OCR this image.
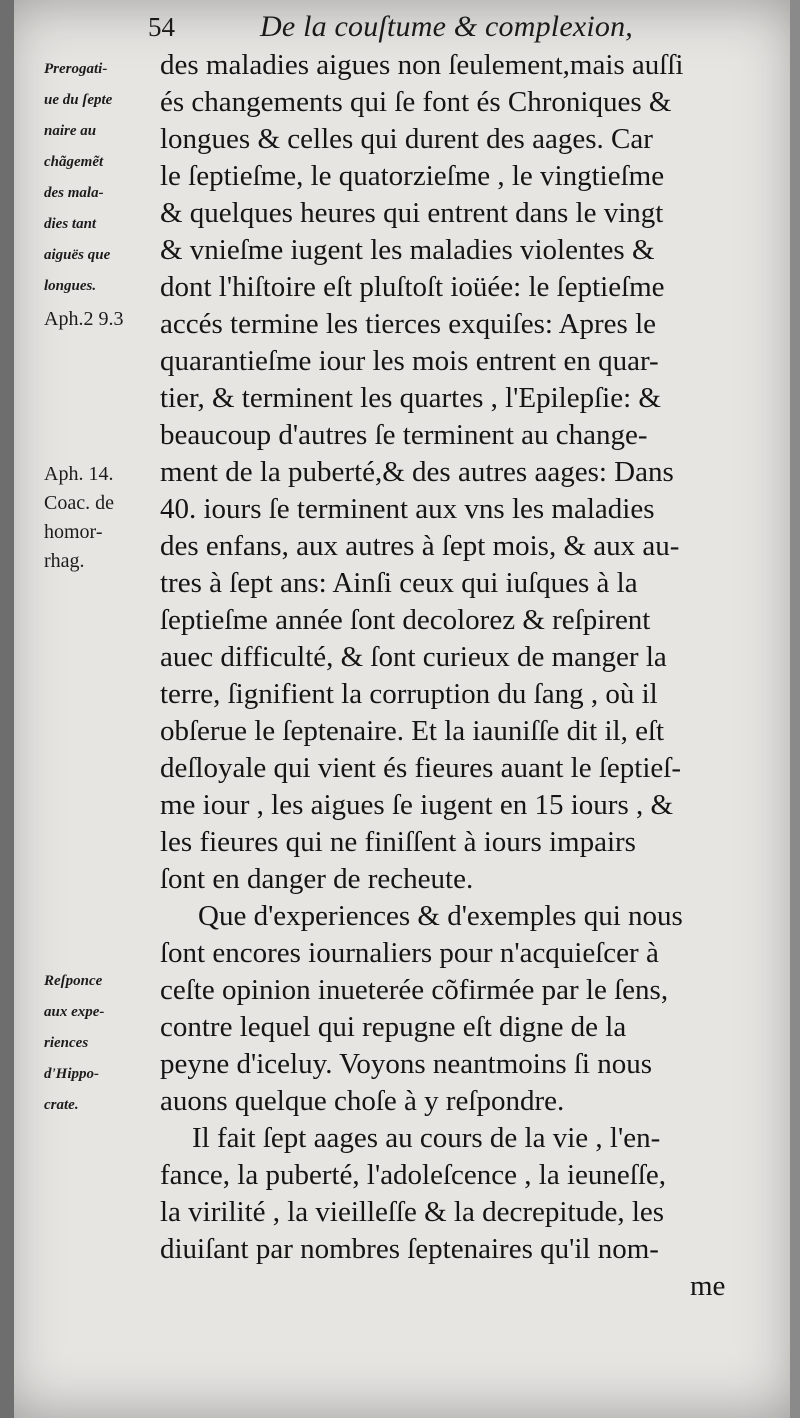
54	De la couſtume & complexion,
des maladies aigues non ſeulement,mais auſſi
és changements qui ſe font és Chroniques &
longues & celles qui durent des aages. Car
le ſeptieſme, le quatorzieſme , le vingtieſme
& quelques heures qui entrent dans le vingt
& vnieſme iugent les maladies violentes &
dont l'hiſtoire eſt pluſtoſt ioüée: le ſeptieſme
accés termine les tierces exquiſes: Apres le
quarantieſme iour les mois entrent en quar-
tier, & terminent les quartes , l'Epilepſie: &
beaucoup d'autres ſe terminent au change-
ment de la puberté,& des autres aages: Dans
40. iours ſe terminent aux vns les maladies
des enfans, aux autres à ſept mois, & aux au-
tres à ſept ans: Ainſi ceux qui iuſques à la
ſeptieſme année ſont decolorez & reſpirent
auec difficulté, & ſont curieux de manger la
terre, ſignifient la corruption du ſang , où il
obſerue le ſeptenaire. Et la iauniſſe dit il, eſt
deſloyale qui vient és fieures auant le ſeptieſ-
me iour , les aigues ſe iugent en 15 iours , &
les fieures qui ne finiſſent à iours impairs
ſont en danger de recheute.
Que d'experiences & d'exemples qui nous
ſont encores iournaliers pour n'acquieſcer à
ceſte opinion inueterée cõfirmée par le ſens,
contre lequel qui repugne eſt digne de la
peyne d'iceluy. Voyons neantmoins ſi nous
auons quelque choſe à y reſpondre.
Il fait ſept aages au cours de la vie , l'en-
fance, la puberté, l'adoleſcence , la ieuneſſe,
la virilité , la vieilleſſe & la decrepitude, les
diuiſant par nombres ſeptenaires qu'il nom-
me
Prerogati-
ue du ſepte
naire au
chãgemẽt
des mala-
dies tant
aiguës que
longues.
Aph.2 9.3
Aph. 14.
Coac. de
homor-
rhag.
Reſponce
aux expe-
riences
d'Hippo-
crate.
